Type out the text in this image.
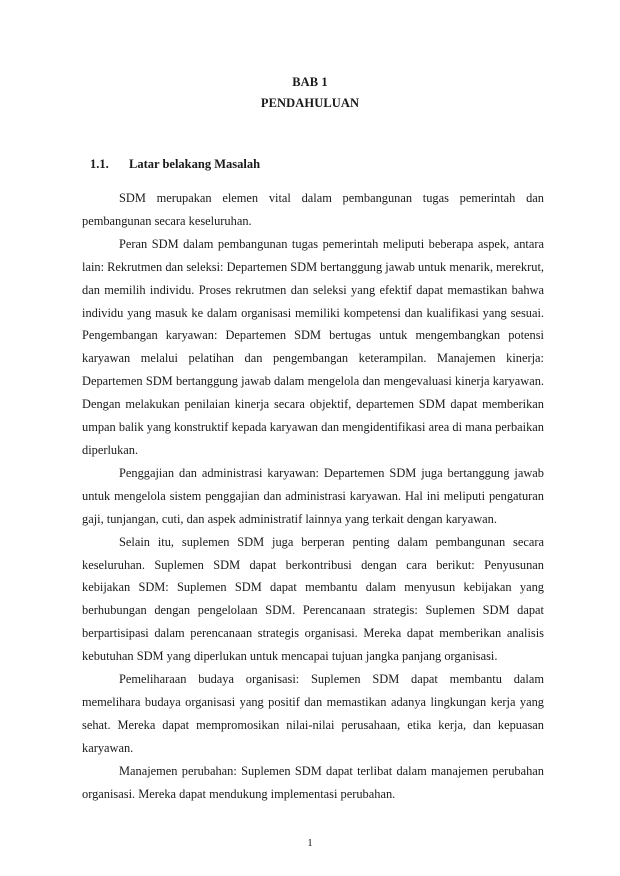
BAB 1
PENDAHULUAN
1.1. Latar belakang Masalah

SDM merupakan elemen vital dalam pembangunan tugas pemerintah dan pembangunan secara keseluruhan.

Peran SDM dalam pembangunan tugas pemerintah meliputi beberapa aspek, antara lain: Rekrutmen dan seleksi: Departemen SDM bertanggung jawab untuk menarik, merekrut, dan memilih individu. Proses rekrutmen dan seleksi yang efektif dapat memastikan bahwa individu yang masuk ke dalam organisasi memiliki kompetensi dan kualifikasi yang sesuai. Pengembangan karyawan: Departemen SDM bertugas untuk mengembangkan potensi karyawan melalui pelatihan dan pengembangan keterampilan. Manajemen kinerja: Departemen SDM bertanggung jawab dalam mengelola dan mengevaluasi kinerja karyawan. Dengan melakukan penilaian kinerja secara objektif, departemen SDM dapat memberikan umpan balik yang konstruktif kepada karyawan dan mengidentifikasi area di mana perbaikan diperlukan.

Penggajian dan administrasi karyawan: Departemen SDM juga bertanggung jawab untuk mengelola sistem penggajian dan administrasi karyawan. Hal ini meliputi pengaturan gaji, tunjangan, cuti, dan aspek administratif lainnya yang terkait dengan karyawan.

Selain itu, suplemen SDM juga berperan penting dalam pembangunan secara keseluruhan. Suplemen SDM dapat berkontribusi dengan cara berikut: Penyusunan kebijakan SDM: Suplemen SDM dapat membantu dalam menyusun kebijakan yang berhubungan dengan pengelolaan SDM. Perencanaan strategis: Suplemen SDM dapat berpartisipasi dalam perencanaan strategis organisasi. Mereka dapat memberikan analisis kebutuhan SDM yang diperlukan untuk mencapai tujuan jangka panjang organisasi.

Pemeliharaan budaya organisasi: Suplemen SDM dapat membantu dalam memelihara budaya organisasi yang positif dan memastikan adanya lingkungan kerja yang sehat. Mereka dapat mempromosikan nilai-nilai perusahaan, etika kerja, dan kepuasan karyawan.

Manajemen perubahan: Suplemen SDM dapat terlibat dalam manajemen perubahan organisasi. Mereka dapat mendukung implementasi perubahan.

1
